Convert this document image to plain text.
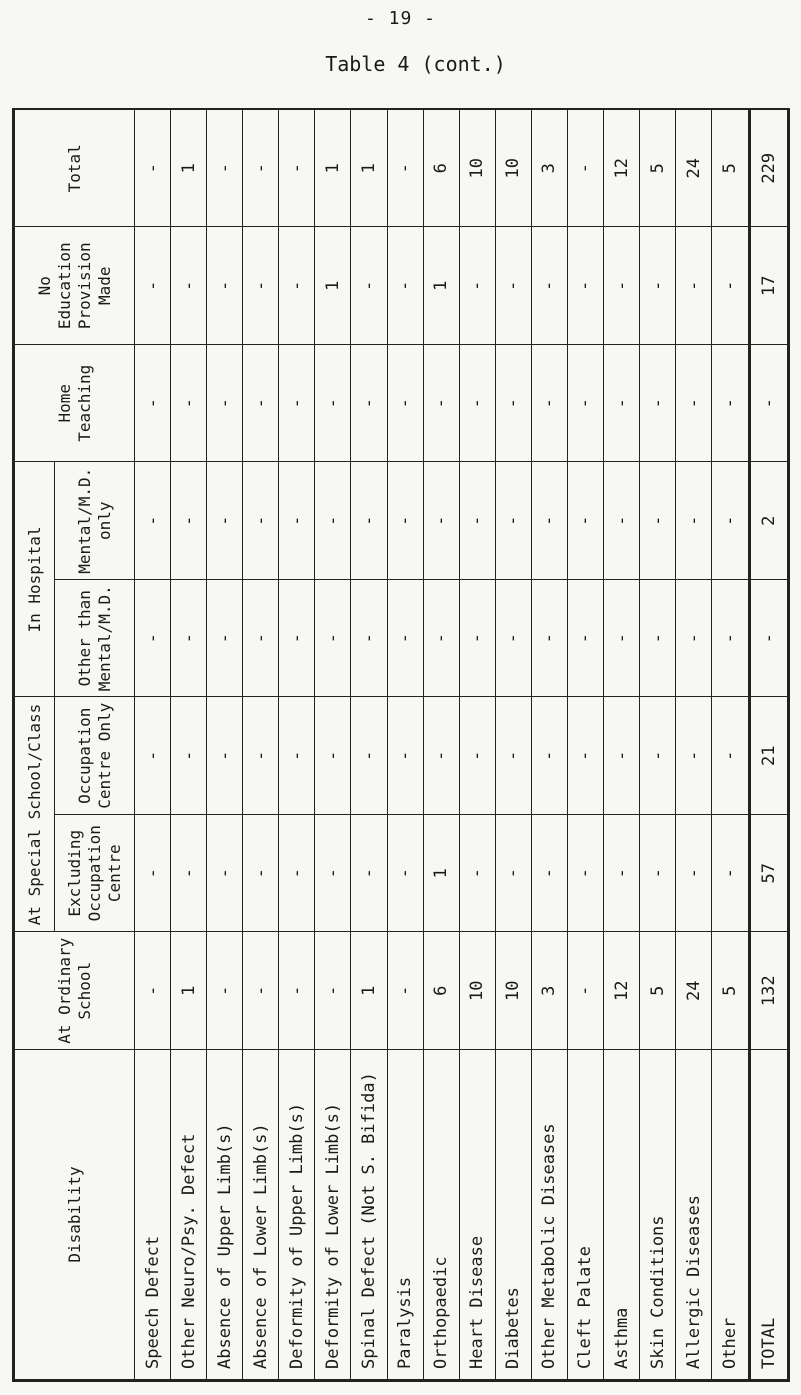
- 19 -
Table 4 (cont.)
Disability	At Ordinary School	At Special School/Class		In Hospital		Home Teaching	No Education Provision Made	Total
		Excluding Occupation Centre	Occupation Centre Only	Other than Mental/M.D.	Mental/M.D. only			
Speech Defect	-	-	-	-	-	-	-	-
Other Neuro/Psy. Defect	1	-	-	-	-	-	-	1
Absence of Upper Limb(s)	-	-	-	-	-	-	-	-
Absence of Lower Limb(s)	-	-	-	-	-	-	-	-
Deformity of Upper Limb(s)	-	-	-	-	-	-	-	-
Deformity of Lower Limb(s)	-	-	-	-	-	-	1	1
Spinal Defect (Not S. Bifida)	1	-	-	-	-	-	-	1
Paralysis	-	-	-	-	-	-	-	-
Orthopaedic	6	1	-	-	-	-	1	6
Heart Disease	10	-	-	-	-	-	-	10
Diabetes	10	-	-	-	-	-	-	10
Other Metabolic Diseases	3	-	-	-	-	-	-	3
Cleft Palate	-	-	-	-	-	-	-	-
Asthma	12	-	-	-	-	-	-	12
Skin Conditions	5	-	-	-	-	-	-	5
Allergic Diseases	24	-	-	-	-	-	-	24
Other	5	-	-	-	-	-	-	5
TOTAL	132	57	21	-	2	-	17	229
